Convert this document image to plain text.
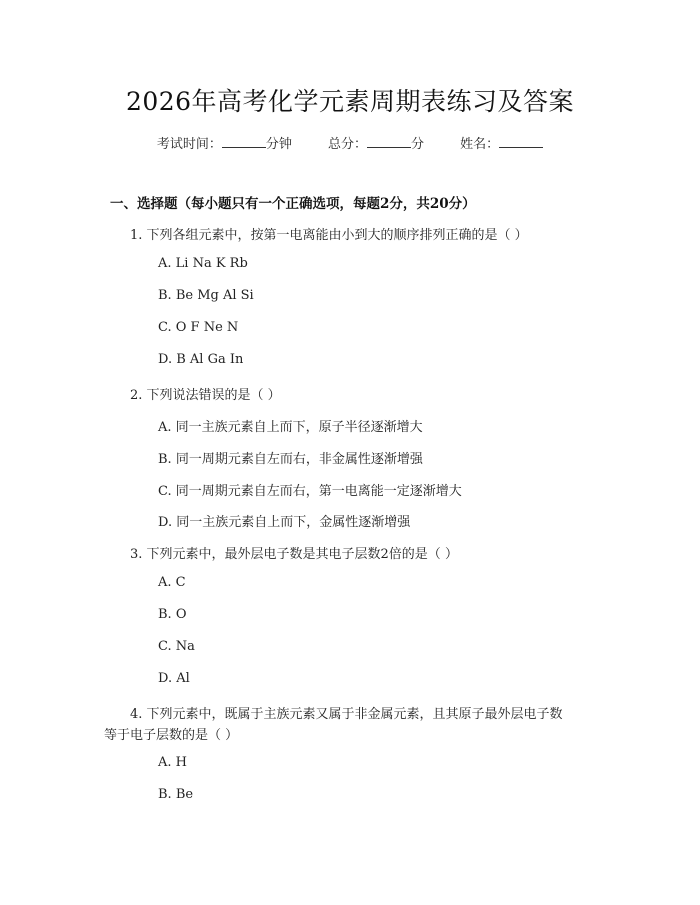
2026年高考化学元素周期表练习及答案
考试时间：	分钟	总分：	分	姓名：
一、选择题（每小题只有一个正确选项，每题2分，共20分）
1. 下列各组元素中，按第一电离能由小到大的顺序排列正确的是（ ）
A. Li Na K Rb
B. Be Mg Al Si
C. O F Ne N
D. B Al Ga In
2. 下列说法错误的是（ ）
A. 同一主族元素自上而下，原子半径逐渐增大
B. 同一周期元素自左而右，非金属性逐渐增强
C. 同一周期元素自左而右，第一电离能一定逐渐增大
D. 同一主族元素自上而下，金属性逐渐增强
3. 下列元素中，最外层电子数是其电子层数2倍的是（ ）
A. C
B. O
C. Na
D. Al
4. 下列元素中，既属于主族元素又属于非金属元素，且其原子最外层电子数
等于电子层数的是（ ）
A. H
B. Be
